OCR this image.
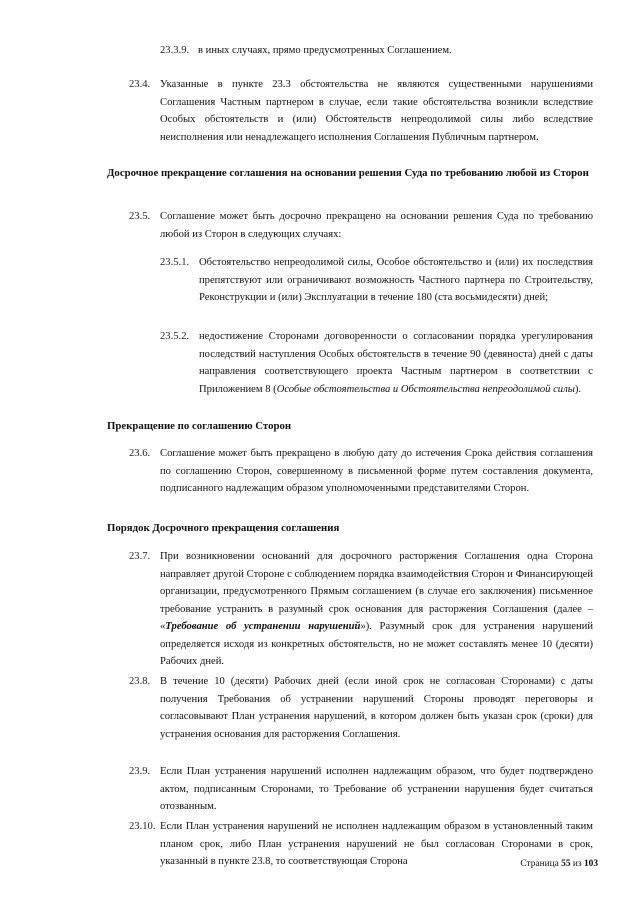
23.3.9. в иных случаях, прямо предусмотренных Соглашением.
23.4. Указанные в пункте 23.3 обстоятельства не являются существенными нарушениями Соглашения Частным партнером в случае, если такие обстоятельства возникли вследствие Особых обстоятельств и (или) Обстоятельств непреодолимой силы либо вследствие неисполнения или ненадлежащего исполнения Соглашения Публичным партнером.
Досрочное прекращение соглашения на основании решения Суда по требованию любой из Сторон
23.5. Соглашение может быть досрочно прекращено на основании решения Суда по требованию любой из Сторон в следующих случаях:
23.5.1. Обстоятельство непреодолимой силы, Особое обстоятельство и (или) их последствия препятствуют или ограничивают возможность Частного партнера по Строительству, Реконструкции и (или) Эксплуатации в течение 180 (ста восьмидесяти) дней;
23.5.2. недостижение Сторонами договоренности о согласовании порядка урегулирования последствий наступления Особых обстоятельств в течение 90 (девяноста) дней с даты направления соответствующего проекта Частным партнером в соответствии с Приложением 8 (Особые обстоятельства и Обстоятельства непреодолимой силы).
Прекращение по соглашению Сторон
23.6. Соглашение может быть прекращено в любую дату до истечения Срока действия соглашения по соглашению Сторон, совершенному в письменной форме путем составления документа, подписанного надлежащим образом уполномоченными представителями Сторон.
Порядок Досрочного прекращения соглашения
23.7. При возникновении оснований для досрочного расторжения Соглашения одна Сторона направляет другой Стороне с соблюдением порядка взаимодействия Сторон и Финансирующей организации, предусмотренного Прямым соглашением (в случае его заключения) письменное требование устранить в разумный срок основания для расторжения Соглашения (далее – «Требование об устранении нарушений»). Разумный срок для устранения нарушений определяется исходя из конкретных обстоятельств, но не может составлять менее 10 (десяти) Рабочих дней.
23.8. В течение 10 (десяти) Рабочих дней (если иной срок не согласован Сторонами) с даты получения Требования об устранении нарушений Стороны проводят переговоры и согласовывают План устранения нарушений, в котором должен быть указан срок (сроки) для устранения основания для расторжения Соглашения.
23.9. Если План устранения нарушений исполнен надлежащим образом, что будет подтверждено актом, подписанным Сторонами, то Требование об устранении нарушения будет считаться отозванным.
23.10. Если План устранения нарушений не исполнен надлежащим образом в установленный таким планом срок, либо План устранения нарушений не был согласован Сторонами в срок, указанный в пункте 23.8, то соответствующая Сторона	Страница 55 из 103
